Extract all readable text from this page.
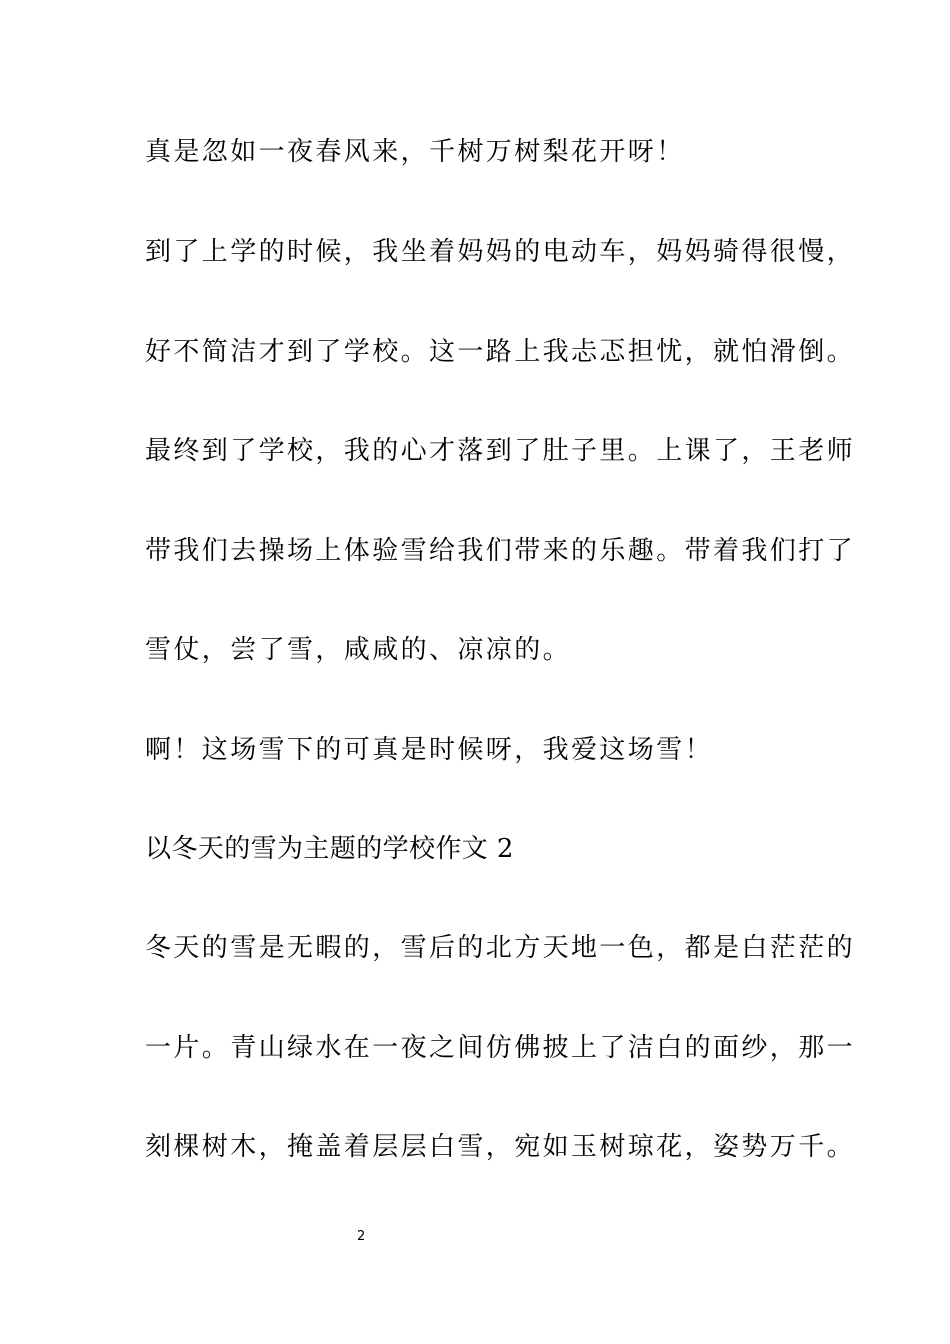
真是忽如一夜春风来，千树万树梨花开呀！
到了上学的时候，我坐着妈妈的电动车，妈妈骑得很慢，
好不简洁才到了学校。这一路上我忐忑担忧，就怕滑倒。
最终到了学校，我的心才落到了肚子里。上课了，王老师
带我们去操场上体验雪给我们带来的乐趣。带着我们打了
雪仗，尝了雪，咸咸的、凉凉的。
啊！这场雪下的可真是时候呀，我爱这场雪！
以冬天的雪为主题的学校作文 2
冬天的雪是无暇的，雪后的北方天地一色，都是白茫茫的
一片。青山绿水在一夜之间仿佛披上了洁白的面纱，那一
刻棵树木，掩盖着层层白雪，宛如玉树琼花，姿势万千。
2
